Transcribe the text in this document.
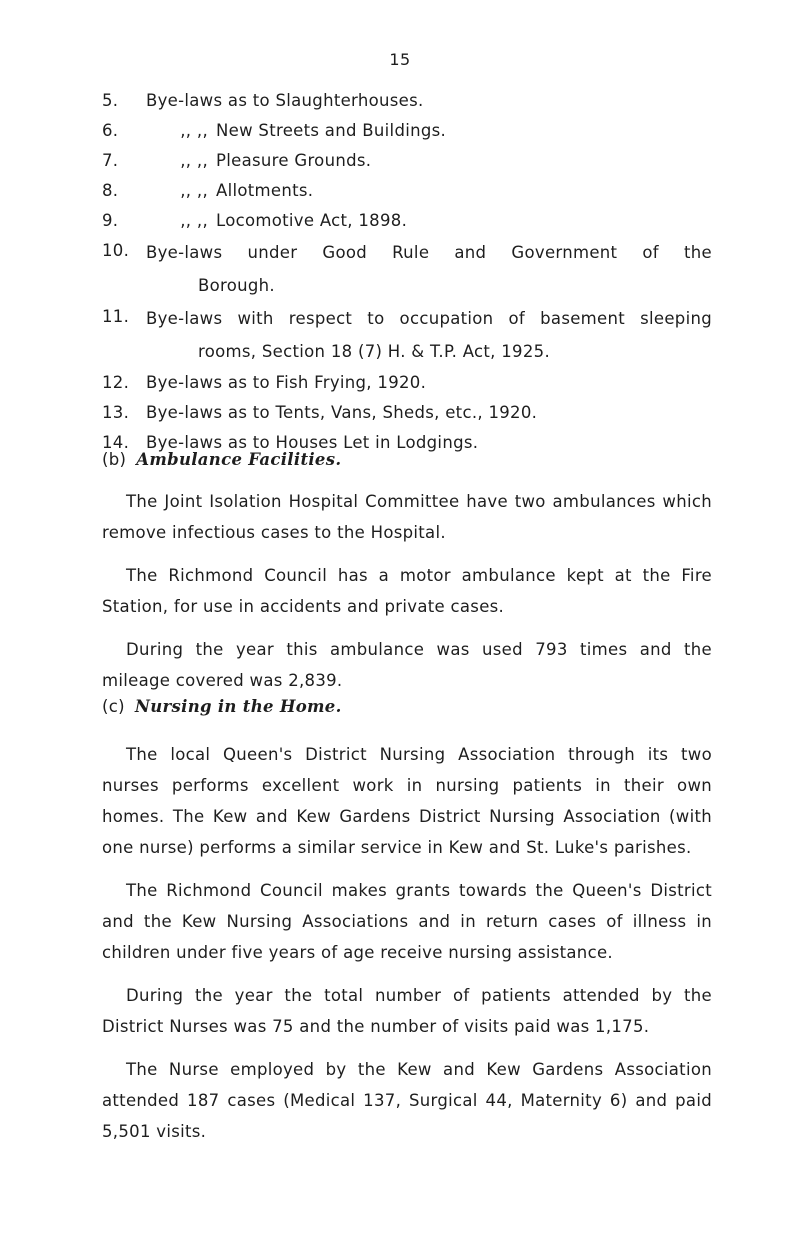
15
5.	Bye-laws as to Slaughterhouses.
6.	,, ,, New Streets and Buildings.
7.	,, ,, Pleasure Grounds.
8.	,, ,, Allotments.
9.	,, ,, Locomotive Act, 1898.
10.	Bye-laws under Good Rule and Government of the
Borough.
11.	Bye-laws with respect to occupation of basement sleeping
rooms, Section 18 (7) H. & T.P. Act, 1925.
12.	Bye-laws as to Fish Frying, 1920.
13.	Bye-laws as to Tents, Vans, Sheds, etc., 1920.
14.	Bye-laws as to Houses Let in Lodgings.
(b) Ambulance Facilities.

The Joint Isolation Hospital Committee have two ambulances which remove infectious cases to the Hospital.

The Richmond Council has a motor ambulance kept at the Fire Station, for use in accidents and private cases.

During the year this ambulance was used 793 times and the mileage covered was 2,839.

(c) Nursing in the Home.

The local Queen's District Nursing Association through its two nurses performs excellent work in nursing patients in their own homes. The Kew and Kew Gardens District Nursing Association (with one nurse) performs a similar service in Kew and St. Luke's parishes.

The Richmond Council makes grants towards the Queen's District and the Kew Nursing Associations and in return cases of illness in children under five years of age receive nursing assistance.

During the year the total number of patients attended by the District Nurses was 75 and the number of visits paid was 1,175.

The Nurse employed by the Kew and Kew Gardens Association attended 187 cases (Medical 137, Surgical 44, Maternity 6) and paid 5,501 visits.
